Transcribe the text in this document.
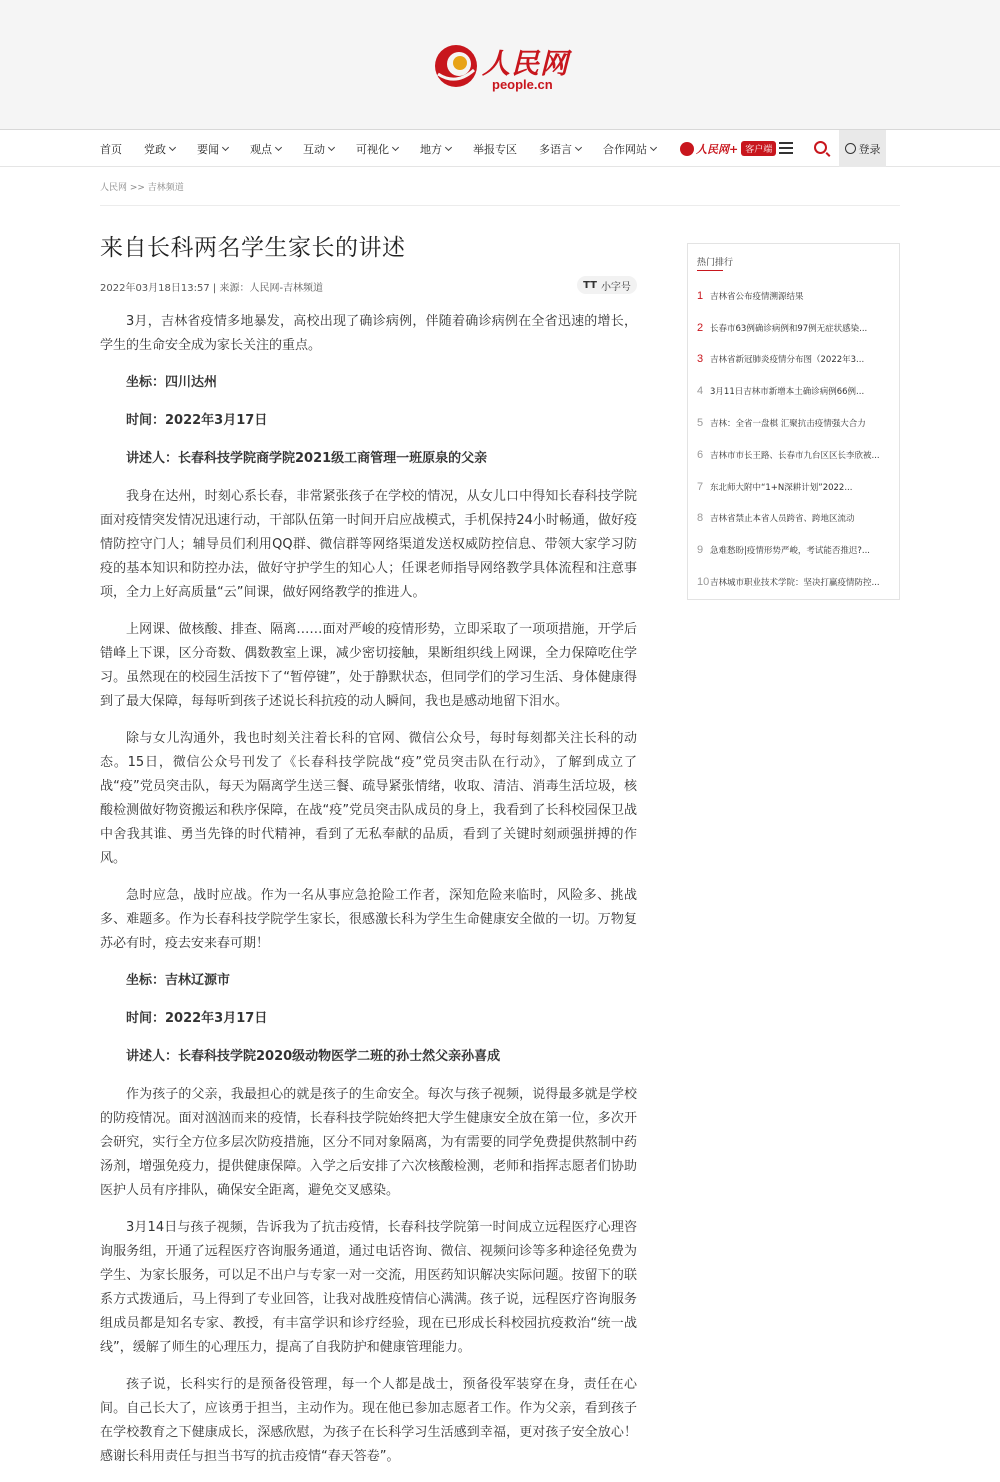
人民网
people.cn
首页 党政	要闻	观点	互动	可视化	地方	举报专区 多语言	合作网站	人民网+ 客户端	登录
人民网 >> 吉林频道
来自长科两名学生家长的讲述
2022年03月18日13:57 | 来源：人民网-吉林频道	TT 小字号

3月，吉林省疫情多地暴发，高校出现了确诊病例，伴随着确诊病例在全省迅速的增长，学生的生命安全成为家长关注的重点。

坐标：四川达州

时间：2022年3月17日

讲述人：长春科技学院商学院2021级工商管理一班原泉的父亲

我身在达州，时刻心系长春，非常紧张孩子在学校的情况，从女儿口中得知长春科技学院面对疫情突发情况迅速行动，干部队伍第一时间开启应战模式，手机保持24小时畅通，做好疫情防控守门人；辅导员们利用QQ群、微信群等网络渠道发送权威防控信息、带领大家学习防疫的基本知识和防控办法，做好守护学生的知心人；任课老师指导网络教学具体流程和注意事项，全力上好高质量“云”间课，做好网络教学的推进人。

上网课、做核酸、排查、隔离……面对严峻的疫情形势，立即采取了一项项措施，开学后错峰上下课，区分奇数、偶数教室上课，减少密切接触，果断组织线上网课，全力保障吃住学习。虽然现在的校园生活按下了“暂停键”，处于静默状态，但同学们的学习生活、身体健康得到了最大保障，每每听到孩子述说长科抗疫的动人瞬间，我也是感动地留下泪水。

除与女儿沟通外，我也时刻关注着长科的官网、微信公众号，每时每刻都关注长科的动态。15日，微信公众号刊发了《长春科技学院战“疫”党员突击队在行动》，了解到成立了战“疫”党员突击队，每天为隔离学生送三餐、疏导紧张情绪，收取、清洁、消毒生活垃圾，核酸检测做好物资搬运和秩序保障，在战“疫”党员突击队成员的身上，我看到了长科校园保卫战中舍我其谁、勇当先锋的时代精神，看到了无私奉献的品质，看到了关键时刻顽强拼搏的作风。

急时应急，战时应战。作为一名从事应急抢险工作者，深知危险来临时，风险多、挑战多、难题多。作为长春科技学院学生家长，很感激长科为学生生命健康安全做的一切。万物复苏必有时，疫去安来春可期！

坐标：吉林辽源市

时间：2022年3月17日

讲述人：长春科技学院2020级动物医学二班的孙士然父亲孙喜成

作为孩子的父亲，我最担心的就是孩子的生命安全。每次与孩子视频，说得最多就是学校的防疫情况。面对汹汹而来的疫情，长春科技学院始终把大学生健康安全放在第一位，多次开会研究，实行全方位多层次防疫措施，区分不同对象隔离，为有需要的同学免费提供熬制中药汤剂，增强免疫力，提供健康保障。入学之后安排了六次核酸检测，老师和指挥志愿者们协助医护人员有序排队，确保安全距离，避免交叉感染。

3月14日与孩子视频，告诉我为了抗击疫情，长春科技学院第一时间成立远程医疗心理咨询服务组，开通了远程医疗咨询服务通道，通过电话咨询、微信、视频问诊等多种途径免费为学生、为家长服务，可以足不出户与专家一对一交流，用医药知识解决实际问题。按留下的联系方式拨通后，马上得到了专业回答，让我对战胜疫情信心满满。孩子说，远程医疗咨询服务组成员都是知名专家、教授，有丰富学识和诊疗经验，现在已形成长科校园抗疫救治“统一战线”，缓解了师生的心理压力，提高了自我防护和健康管理能力。

孩子说，长科实行的是预备役管理，每一个人都是战士，预备役军装穿在身，责任在心间。自己长大了，应该勇于担当，主动作为。现在他已参加志愿者工作。作为父亲，看到孩子在学校教育之下健康成长，深感欣慰，为孩子在长科学习生活感到幸福，更对孩子安全放心！感谢长科用责任与担当书写的抗击疫情“春天答卷”。

热门排行
1 吉林省公布疫情溯源结果
2 长春市63例确诊病例和97例无症状感染...
3 吉林省新冠肺炎疫情分布图（2022年3...
4 3月11日吉林市新增本土确诊病例66例...
5 吉林：全省一盘棋 汇聚抗击疫情强大合力
6 吉林市市长王路、长春市九台区区长李欣被...
7 东北师大附中“1+N深耕计划”2022...
8 吉林省禁止本省人员跨省、跨地区流动
9 急难愁盼|疫情形势严峻，考试能否推迟?...
10 吉林城市职业技术学院：坚决打赢疫情防控...
